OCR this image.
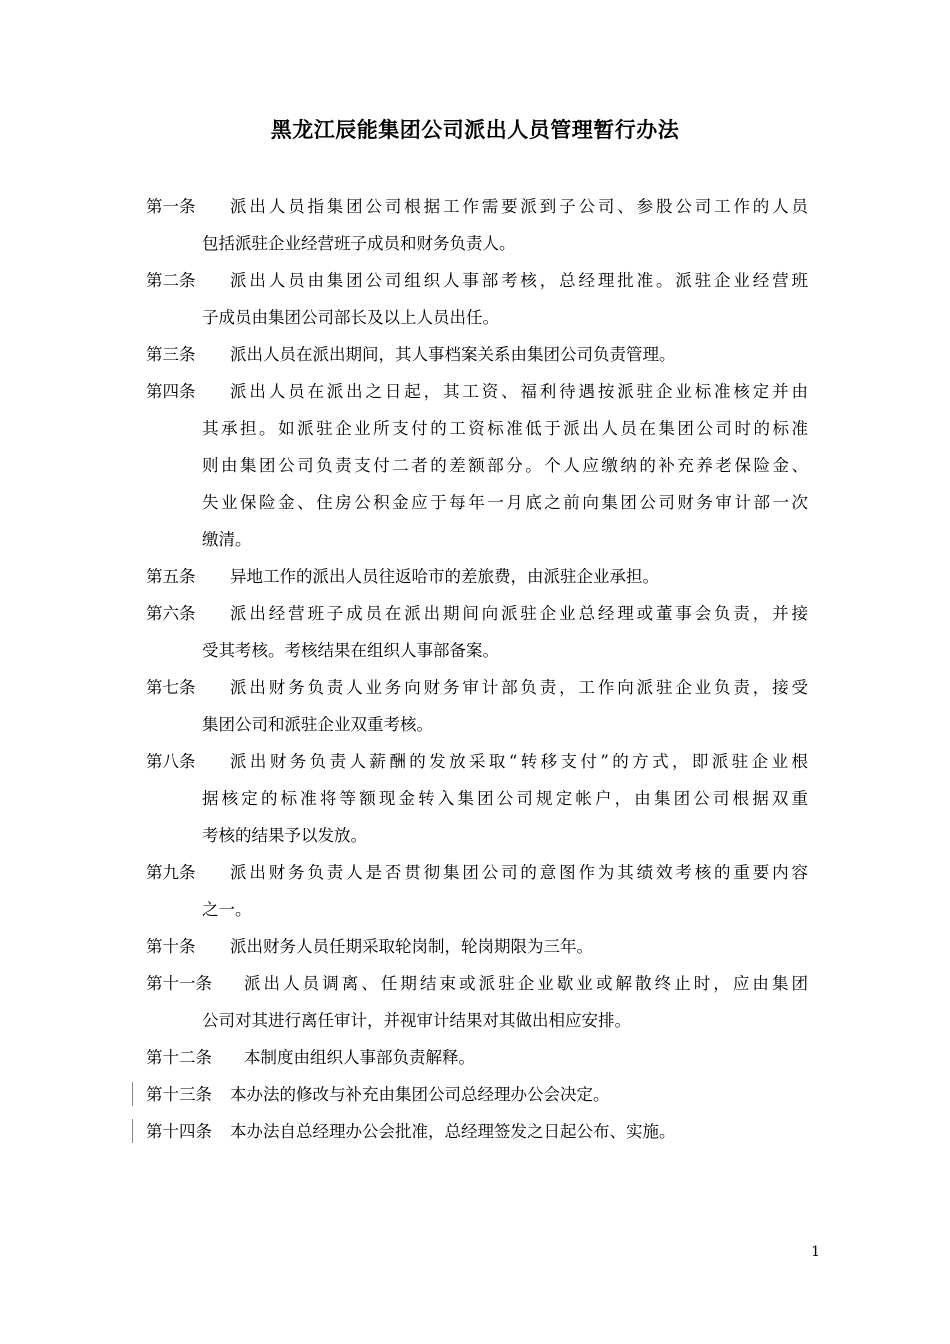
黑龙江辰能集团公司派出人员管理暂行办法
第一条	派出人员指集团公司根据工作需要派到子公司、参股公司工作的人员
包括派驻企业经营班子成员和财务负责人。
第二条	派出人员由集团公司组织人事部考核，总经理批准。派驻企业经营班
子成员由集团公司部长及以上人员出任。
第三条	派出人员在派出期间，其人事档案关系由集团公司负责管理。
第四条	派出人员在派出之日起，其工资、福利待遇按派驻企业标准核定并由
其承担。如派驻企业所支付的工资标准低于派出人员在集团公司时的标准
则由集团公司负责支付二者的差额部分。个人应缴纳的补充养老保险金、
失业保险金、住房公积金应于每年一月底之前向集团公司财务审计部一次
缴清。
第五条	异地工作的派出人员往返哈市的差旅费，由派驻企业承担。
第六条	派出经营班子成员在派出期间向派驻企业总经理或董事会负责，并接
受其考核。考核结果在组织人事部备案。
第七条	派出财务负责人业务向财务审计部负责，工作向派驻企业负责，接受
集团公司和派驻企业双重考核。
第八条	派出财务负责人薪酬的发放采取“转移支付”的方式，即派驻企业根
据核定的标准将等额现金转入集团公司规定帐户，由集团公司根据双重
考核的结果予以发放。
第九条	派出财务负责人是否贯彻集团公司的意图作为其绩效考核的重要内容
之一。
第十条	派出财务人员任期采取轮岗制，轮岗期限为三年。
第十一条	派出人员调离、任期结束或派驻企业歇业或解散终止时，应由集团
公司对其进行离任审计，并视审计结果对其做出相应安排。
第十二条	本制度由组织人事部负责解释。
第十三条	本办法的修改与补充由集团公司总经理办公会决定。
第十四条	本办法自总经理办公会批准，总经理签发之日起公布、实施。
1
